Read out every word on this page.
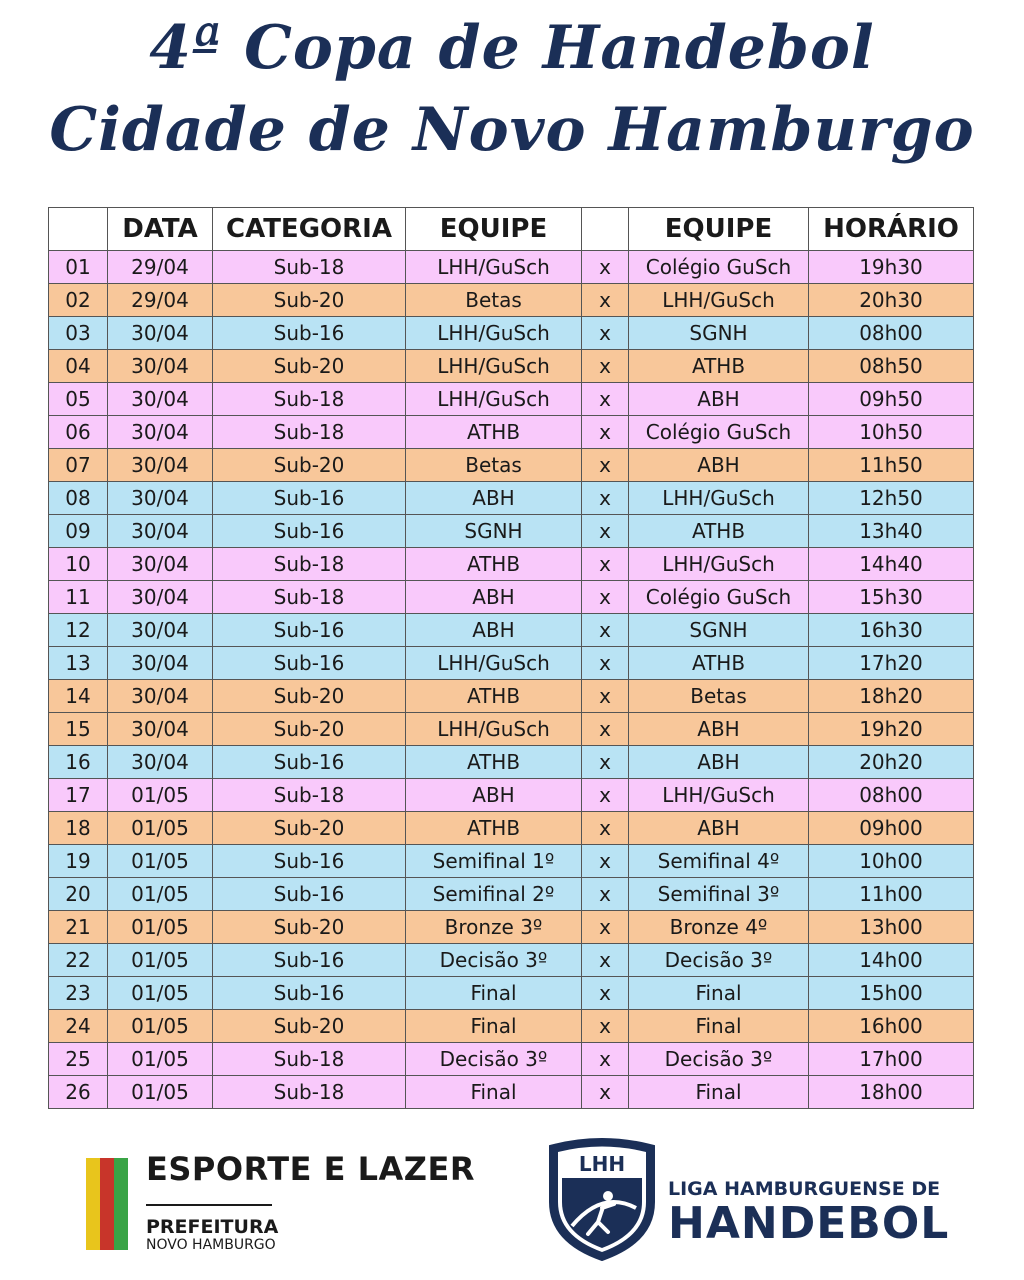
4ª Copa de Handebol
Cidade de Novo Hamburgo
	DATA	CATEGORIA	EQUIPE		EQUIPE	HORÁRIO
01	29/04	Sub-18	LHH/GuSch	x	Colégio GuSch	19h30
02	29/04	Sub-20	Betas	x	LHH/GuSch	20h30
03	30/04	Sub-16	LHH/GuSch	x	SGNH	08h00
04	30/04	Sub-20	LHH/GuSch	x	ATHB	08h50
05	30/04	Sub-18	LHH/GuSch	x	ABH	09h50
06	30/04	Sub-18	ATHB	x	Colégio GuSch	10h50
07	30/04	Sub-20	Betas	x	ABH	11h50
08	30/04	Sub-16	ABH	x	LHH/GuSch	12h50
09	30/04	Sub-16	SGNH	x	ATHB	13h40
10	30/04	Sub-18	ATHB	x	LHH/GuSch	14h40
11	30/04	Sub-18	ABH	x	Colégio GuSch	15h30
12	30/04	Sub-16	ABH	x	SGNH	16h30
13	30/04	Sub-16	LHH/GuSch	x	ATHB	17h20
14	30/04	Sub-20	ATHB	x	Betas	18h20
15	30/04	Sub-20	LHH/GuSch	x	ABH	19h20
16	30/04	Sub-16	ATHB	x	ABH	20h20
17	01/05	Sub-18	ABH	x	LHH/GuSch	08h00
18	01/05	Sub-20	ATHB	x	ABH	09h00
19	01/05	Sub-16	Semifinal 1º	x	Semifinal 4º	10h00
20	01/05	Sub-16	Semifinal 2º	x	Semifinal 3º	11h00
21	01/05	Sub-20	Bronze 3º	x	Bronze 4º	13h00
22	01/05	Sub-16	Decisão 3º	x	Decisão 3º	14h00
23	01/05	Sub-16	Final	x	Final	15h00
24	01/05	Sub-20	Final	x	Final	16h00
25	01/05	Sub-18	Decisão 3º	x	Decisão 3º	17h00
26	01/05	Sub-18	Final	x	Final	18h00
ESPORTE E LAZER
PREFEITURA
NOVO HAMBURGO
LHH
LIGA HAMBURGUENSE DE
HANDEBOL
